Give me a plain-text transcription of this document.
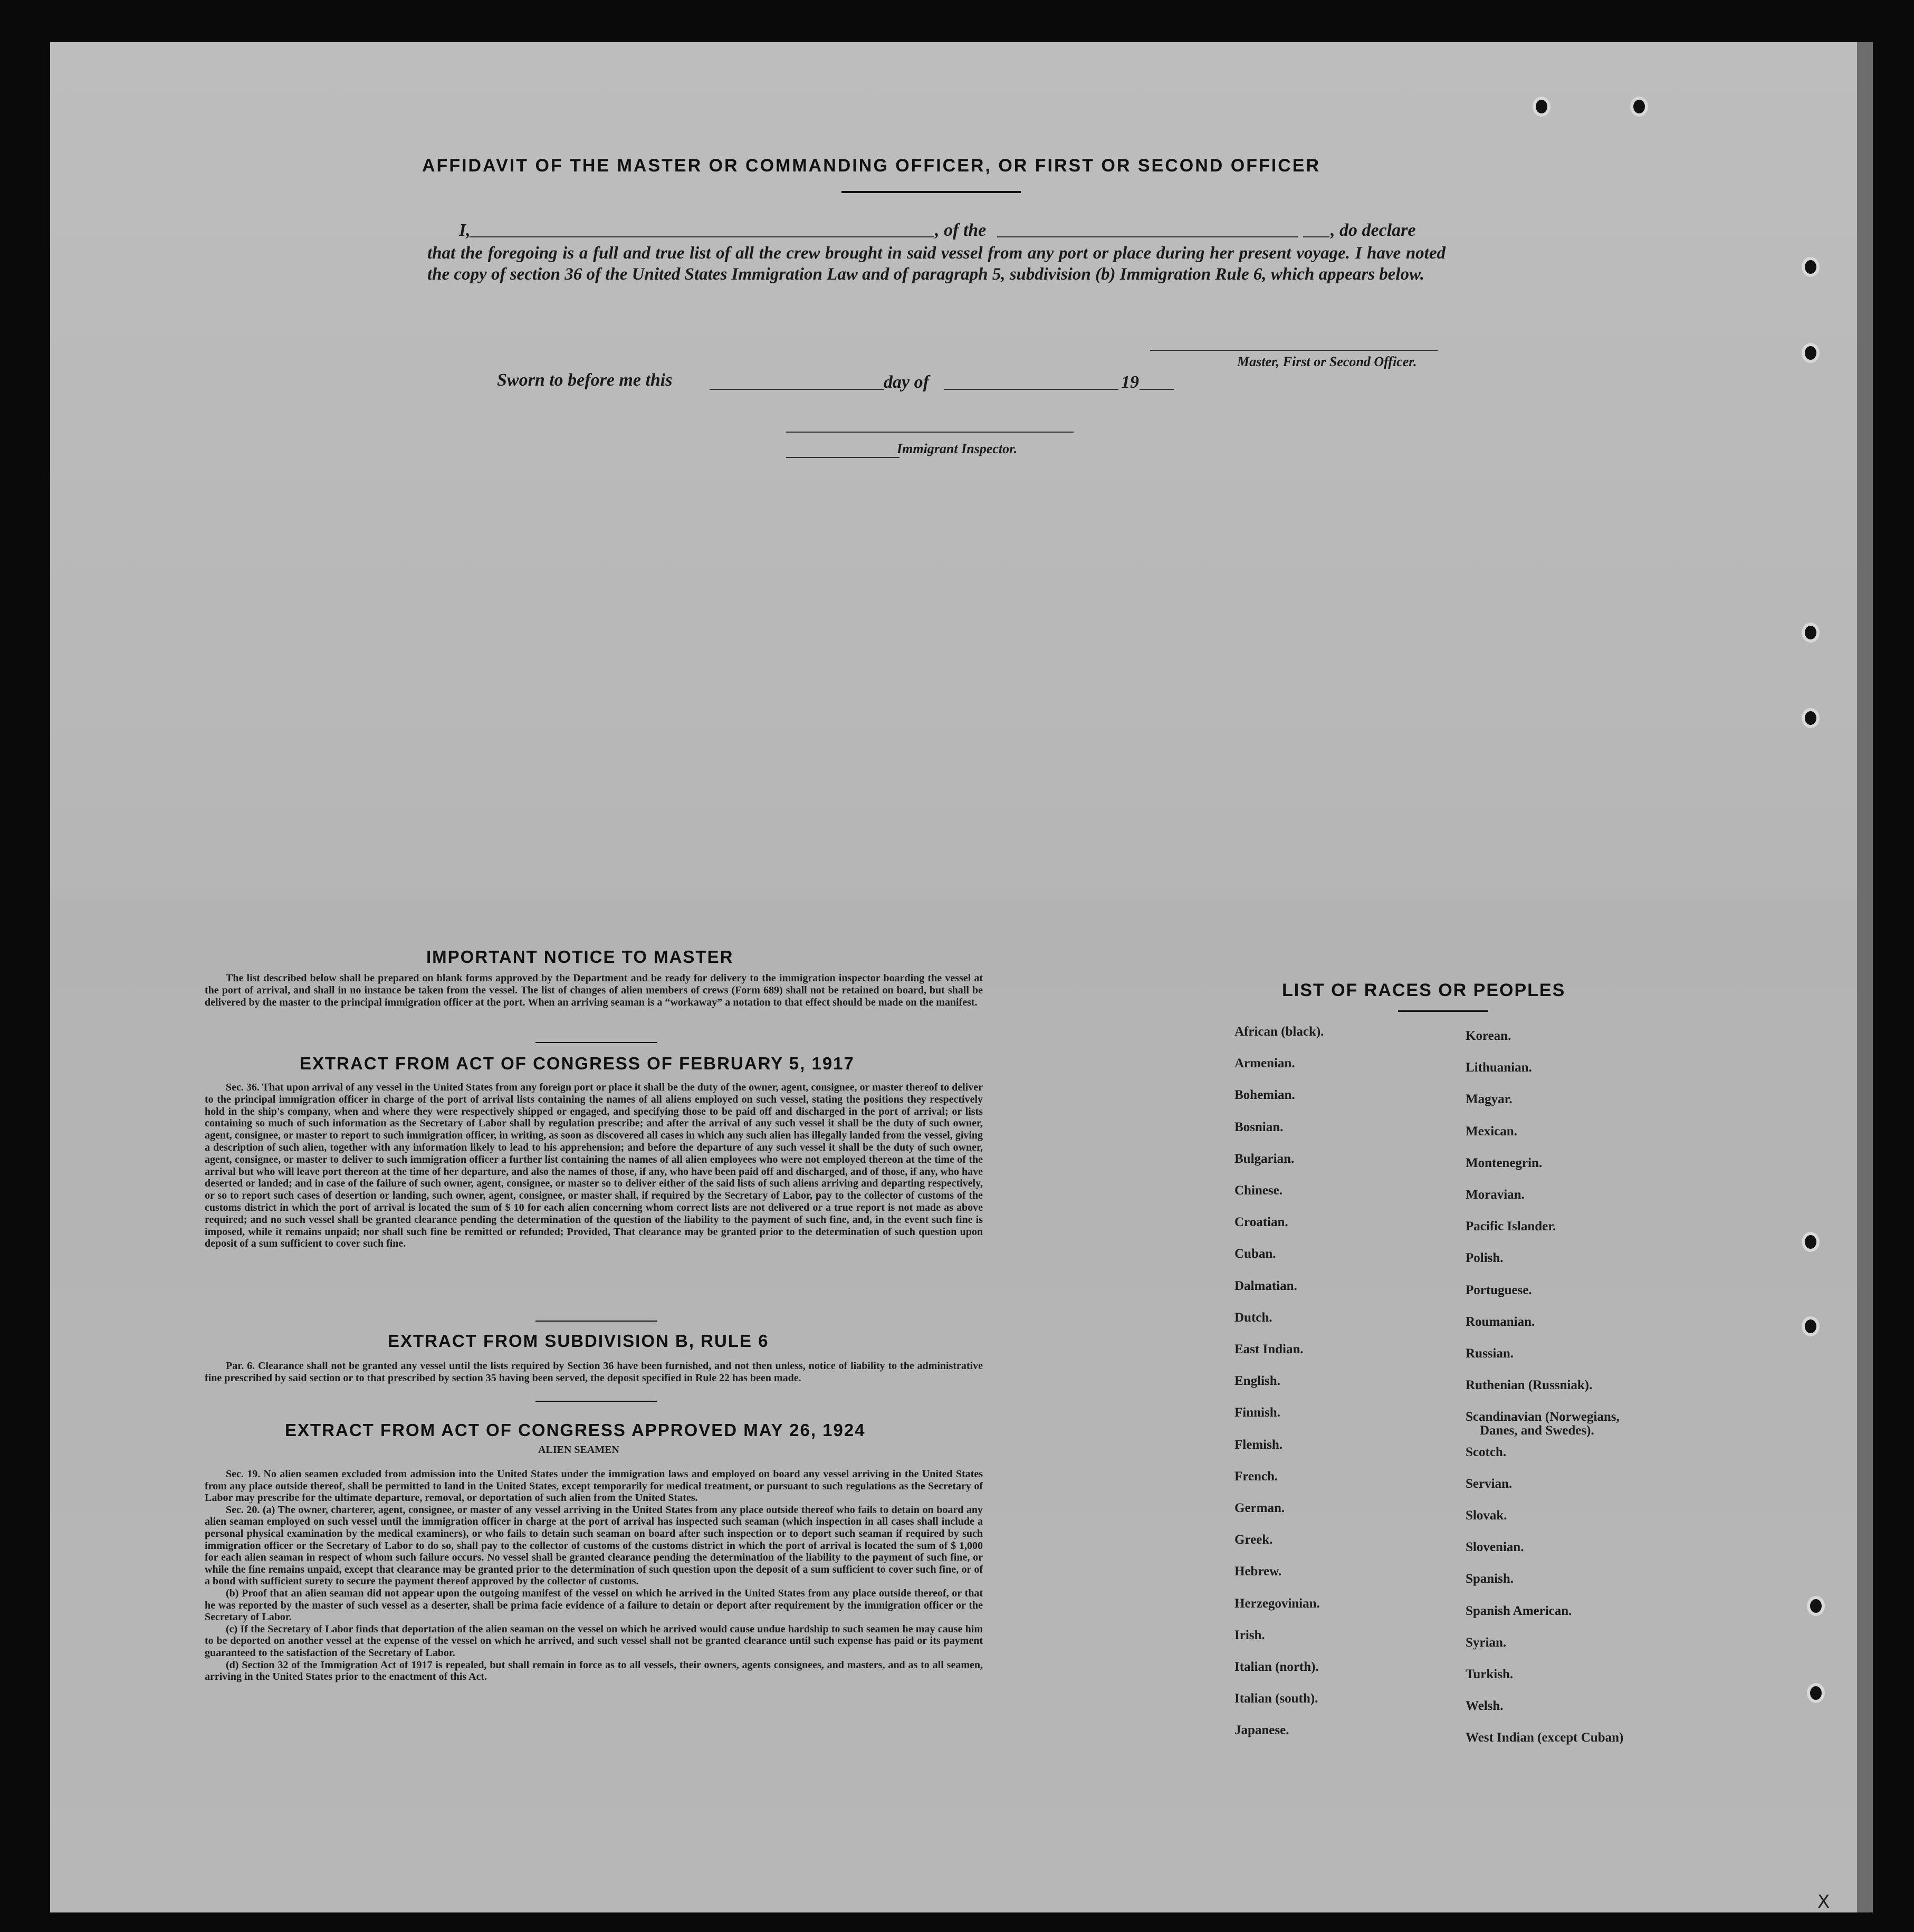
AFFIDAVIT OF THE MASTER OR COMMANDING OFFICER, OR FIRST OR SECOND OFFICER
I,	, of the	, do declare
that the foregoing is a full and true list of all the crew brought in said vessel from any port or place during her present voyage. I have noted the copy of section 36 of the United States Immigration Law and of paragraph 5, subdivision (b) Immigration Rule 6, which appears below.
Master, First or Second Officer.
Sworn to before me this	day of	19
Immigrant Inspector.
IMPORTANT NOTICE TO MASTER

The list described below shall be prepared on blank forms approved by the Department and be ready for delivery to the immigration inspector boarding the vessel at the port of arrival, and shall in no instance be taken from the vessel. The list of changes of alien members of crews (Form 689) shall not be retained on board, but shall be delivered by the master to the principal immigration officer at the port. When an arriving seaman is a “workaway” a notation to that effect should be made on the manifest.

EXTRACT FROM ACT OF CONGRESS OF FEBRUARY 5, 1917

Sec. 36. That upon arrival of any vessel in the United States from any foreign port or place it shall be the duty of the owner, agent, consignee, or master thereof to deliver to the principal immigration officer in charge of the port of arrival lists containing the names of all aliens employed on such vessel, stating the positions they respectively hold in the ship's company, when and where they were respectively shipped or engaged, and specifying those to be paid off and discharged in the port of arrival; or lists containing so much of such information as the Secretary of Labor shall by regulation prescribe; and after the arrival of any such vessel it shall be the duty of such owner, agent, consignee, or master to report to such immigration officer, in writing, as soon as discovered all cases in which any such alien has illegally landed from the vessel, giving a description of such alien, together with any information likely to lead to his apprehension; and before the departure of any such vessel it shall be the duty of such owner, agent, consignee, or master to deliver to such immigration officer a further list containing the names of all alien employees who were not employed thereon at the time of the arrival but who will leave port thereon at the time of her departure, and also the names of those, if any, who have been paid off and discharged, and of those, if any, who have deserted or landed; and in case of the failure of such owner, agent, consignee, or master so to deliver either of the said lists of such aliens arriving and departing respectively, or so to report such cases of desertion or landing, such owner, agent, consignee, or master shall, if required by the Secretary of Labor, pay to the collector of customs of the customs district in which the port of arrival is located the sum of $ 10 for each alien concerning whom correct lists are not delivered or a true report is not made as above required; and no such vessel shall be granted clearance pending the determination of the question of the liability to the payment of such fine, and, in the event such fine is imposed, while it remains unpaid; nor shall such fine be remitted or refunded; Provided, That clearance may be granted prior to the determination of such question upon deposit of a sum sufficient to cover such fine.

EXTRACT FROM SUBDIVISION B, RULE 6

Par. 6. Clearance shall not be granted any vessel until the lists required by Section 36 have been furnished, and not then unless, notice of liability to the administrative fine prescribed by said section or to that prescribed by section 35 having been served, the deposit specified in Rule 22 has been made.

EXTRACT FROM ACT OF CONGRESS APPROVED MAY 26, 1924
ALIEN SEAMEN

Sec. 19. No alien seamen excluded from admission into the United States under the immigration laws and employed on board any vessel arriving in the United States from any place outside thereof, shall be permitted to land in the United States, except temporarily for medical treatment, or pursuant to such regulations as the Secretary of Labor may prescribe for the ultimate departure, removal, or deportation of such alien from the United States.

Sec. 20. (a) The owner, charterer, agent, consignee, or master of any vessel arriving in the United States from any place outside thereof who fails to detain on board any alien seaman employed on such vessel until the immigration officer in charge at the port of arrival has inspected such seaman (which inspection in all cases shall include a personal physical examination by the medical examiners), or who fails to detain such seaman on board after such inspection or to deport such seaman if required by such immigration officer or the Secretary of Labor to do so, shall pay to the collector of customs of the customs district in which the port of arrival is located the sum of $ 1,000 for each alien seaman in respect of whom such failure occurs. No vessel shall be granted clearance pending the determination of the liability to the payment of such fine, or while the fine remains unpaid, except that clearance may be granted prior to the determination of such question upon the deposit of a sum sufficient to cover such fine, or of a bond with sufficient surety to secure the payment thereof approved by the collector of customs.

(b) Proof that an alien seaman did not appear upon the outgoing manifest of the vessel on which he arrived in the United States from any place outside thereof, or that he was reported by the master of such vessel as a deserter, shall be prima facie evidence of a failure to detain or deport after requirement by the immigration officer or the Secretary of Labor.

(c) If the Secretary of Labor finds that deportation of the alien seaman on the vessel on which he arrived would cause undue hardship to such seamen he may cause him to be deported on another vessel at the expense of the vessel on which he arrived, and such vessel shall not be granted clearance until such expense has paid or its payment guaranteed to the satisfaction of the Secretary of Labor.

(d) Section 32 of the Immigration Act of 1917 is repealed, but shall remain in force as to all vessels, their owners, agents consignees, and masters, and as to all seamen, arriving in the United States prior to the enactment of this Act.

LIST OF RACES OR PEOPLES
African (black).
Armenian.
Bohemian.
Bosnian.
Bulgarian.
Chinese.
Croatian.
Cuban.
Dalmatian.
Dutch.
East Indian.
English.
Finnish.
Flemish.
French.
German.
Greek.
Hebrew.
Herzegovinian.
Irish.
Italian (north).
Italian (south).
Japanese.
Korean.
Lithuanian.
Magyar.
Mexican.
Montenegrin.
Moravian.
Pacific Islander.
Polish.
Portuguese.
Roumanian.
Russian.
Ruthenian (Russniak).
Scandinavian (Norwegians,
Danes, and Swedes).
Scotch.
Servian.
Slovak.
Slovenian.
Spanish.
Spanish American.
Syrian.
Turkish.
Welsh.
West Indian (except Cuban)
X
